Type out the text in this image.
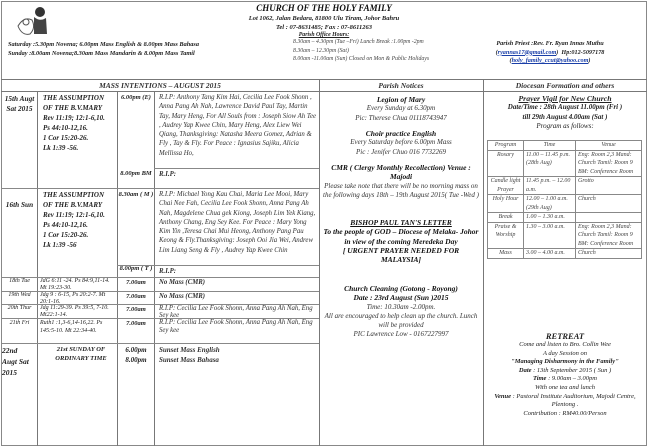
CHURCH OF THE HOLY FAMILY
Lot 1062, Jalan Bedara, 81800 Ulu Tiram, Johor Bahru
Tel : 07-8631485; Fax : 07-8611263
Parish Office Hours:
Saturday :5.30pm Novena; 6.00pm Mass English & 8.00pm Mass Bahasa
Sunday :8.00am Novena;8.30am Mass Mandarin & 8.00pm Mass Tamil
8.30am – 4.30pm (Tue –Fri) Lunch Break :1.00pm -2pm
8.30am – 12.30pm (Sat)
8.00am -11.00am (Sun) Closed on Mon & Public Holidays
Parish Priest :Rev. Fr. Ryan Innas Muthu
(ryannas17@gmail.com)  Hp:012-5097178
(holy_family_ccut@yahoo.com)
MASS INTENTIONS – AUGUST 2015	Parish Notices	Diocesan Formation and others
15th Augt Sat 2015
THE ASSUMPTION
OF THE B.V.MARY
Rev 11:19; 12:1-6,10.
Ps 44:10-12,16.
1 Cor 15:20-26.
Lk 1:39 -56.
6.00pm (E)	R.I.P: Anthony Tang Kim Hai, Cecilia Lee Fook Shonn , Anna Pang Ah Nah, Lawrence David Paul Tay, Martin Tay, Mary Heng, For All Souls from : Joseph Siow Ah Tee , Audrey Yap Kwee Chin, Mary Heng, Alex Liew Wei Qiang, Thanksgiving: Natasha Meera Gomez, Adrian & Fly , Tay & Fly. For Peace : Ignasius Sajiku, Alicia Mellissa Ho,
8.00pm BM	R.I.P:
16th Sun
THE ASSUMPTION
OF THE B.V.MARY
Rev 11:19; 12:1-6,10.
Ps 44:10-12,16.
1 Cor 15:20-26.
Lk 1:39 -56
8.30am ( M ) R.I.P: Michael Yong Kau Chai, Maria Lee Mooi, Mary Chai Nee Fah, Cecilia Lee Fook Shonn, Anna Pang Ah Nah, Magdelene Chua gek Kiong, Joseph Lim Yek Kiang, Anthony Chang, Eng Sey Kee. For Peace : Mary Yong Kim Yin ,Teresa Chai Mui Heong, Anthony Pang Pau Keong & Fly.Thanksgiving: Joseph Ooi Jia Wei, Andrew Lim Liang Seng & Fly , Audrey Yap Kwee Chin
8.00pm ( T ) R.I.P:
18th Tue	JdG 6:11 -24. Ps 84:9,11-14. Mt 19:23-30.
7.00am	No Mass (CMR)
19th Wed	Jdg 9 : 6-15, Ps 20:2-7. Mt 20:1-16.
7.00am	No Mass (CMR)
20th Thur	Jdg 11:29-39. Ps 39:5, 7-10. Mt22:1-14.
7.00am	R.I.P: Cecilia Lee Fook Shonn, Anna Pang Ah Nah, Eng Sey kee
21th Fri	Ruth1 :1,3-6,14-16,22. Ps 145:5-10. Mt 22:34-40.
7.00am	R.I.P: Cecilia Lee Fook Shonn, Anna Pang Ah Nah, Eng Sey kee
22nd Augt Sat 2015
21st SUNDAY OF ORDINARY TIME
6.00pm 8.00pm
Sunset Mass English
Sunset Mass Bahasa
Legion of Mary
Every Sunday at 6.30pm
Pic: Therese Chua 01118743947
Choir practice English
Every Saturday before 6.00pm Mass
Pic : Jenifer Chuo 016 7732269
CMR ( Clergy Monthly Recollection) Venue : Majodi
Please take note that there will be no morning mass on the following days 18th – 19th August 2015( Tue -Wed )
BISHOP PAUL TAN'S LETTER
To the people of GOD – Diocese of Melaka- Johor in view of the coming Meredeka Day
[ URGENT PRAYER NEEDED FOR MALAYSIA]
Church Cleaning (Gotong - Royong)
Date : 23rd August (Sun )2015
Time: 10.30am -2.00pm.
All are encouraged to help clean up the church. Lunch will be provided
PIC Lawrence Low - 0167227997
Prayer Vigil for New Church
Date/Time : 28th August 11.00pm (Fri )
till 29th August 4.00am (Sat )
Program as follows:
Program	Time	Venue
Rosary	11.00 – 11.45 p.m. (28th Aug)	Eng: Room 2,3 Mand: Church Tamil: Room 9 BM: Conference Room
Candle light Prayer	11.45 p.m. – 12.00 a.m.	Grotto
Holy Hour	12.00 – 1.00 a.m. (29th Aug)	Church
Break	1.00 – 1.30 a.m.	
Praise & Worship	1.30 – 3.00 a.m.	Eng: Room 2,3 Mand: Church Tamil: Room 9 BM: Conference Room
Mass	3.00 – 4.00 a.m.	Church
RETREAT
Come and listen to Bro. Collin Wee
A day Session on
"Managing Disharmony in the Family"
Date : 13th September 2015 ( Sun )
Time : 9.00am – 3.00pm
With one tea and lunch
Venue : Pastoral Institute Auditorium, Majodi Centre, Plentong .
Contribution : RM40.00/Person
